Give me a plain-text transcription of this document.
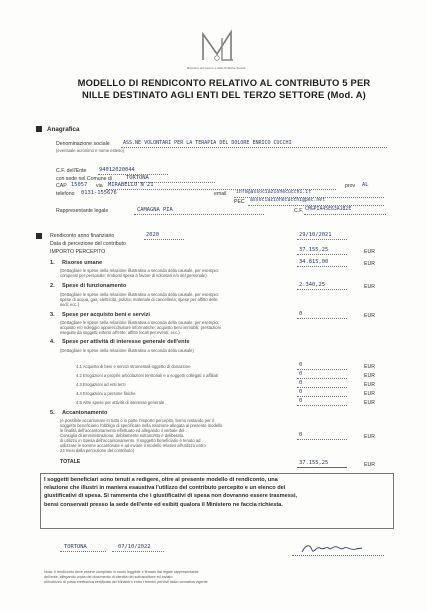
Ministero del Lavoro e delle Politiche Sociali
MODELLO DI RENDICONTO RELATIVO AL CONTRIBUTO 5 PER
NILLE DESTINATO AGLI ENTI DEL TERZO SETTORE (Mod. A)
Anagrafica
Denominazione sociale	ASS.NE VOLONTARI PER LA TERAPIA DEL DOLORE ENRICO CUCCHI
(eventuale acronimo e nome esteso)
C.F. dell'Ente 94012020044
con sede nel Comune di	TORTONA
CAP 15057 via MIRABELLO N 21	prov AL
telefono 0131-155676	email info@associazionecucchi.it
PEC associazionecucchi@pec.net
Rappresentante legale	CAMAGNA PIA	C.F. CMGPIA45E63A182E
Rendiconto anno finanziario	2020
Data di percezione del contributo
29/10/2021
IMPORTO PERCEPITO	37.155,25	EUR
1. Risorse umane	34.815,00	EUR
(Dettagliare le spese nella relazione illustrativa a seconda della causale, per esempio:
compensi per personale; rimborsi spesa a favore di volontari e/o del personale).
2. Spese di funzionamento	2.340,25	EUR
(Dettagliare le spese nella relazione illustrativa a seconda della causale, per esempio:
spese di acqua, gas, elettricità, pulizia; materiale di cancelleria; spese per affitto delle
sedi; ecc.)
3. Spese per acquisto beni e servizi	0	EUR
(Dettagliare le spese nella relazione illustrativa a seconda della causale, per esempio:
acquisto e/o noleggio apparecchiature informatiche; acquisto beni immobili; prestazioni
eseguite da soggetti esterni all'ente; affitto locali per eventi; ecc.)
4. Spese per attività di interesse generale dell'ente
(Dettagliare le spese nella relazione illustrativa a seconda della causale)
4.1 Acquisto di beni e servizi strumentali oggetto di donazione	0	EUR
4.2 Erogazioni a proprie articolazioni territoriali e a soggetti collegati o affiliati	0	EUR
4.3 Erogazioni ad enti terzi	0	EUR
4.4 Erogazioni a persone fisiche	0	EUR
4.5 Altre spese per attività di interesse generale	0	EUR
5. Accantonamento
(è possibile accantonare in tutto o in parte l'importo percepito, fermo restando per il
soggetto beneficiario l'obbligo di specificare nella relazione allegata al presente modello
le finalità dell'accantonamento effettuato ed allegando il verbale del
Consiglio di amministrazione, debitamente sottoscritto e deliberato.
di utilizzo in Spesa dell'accantonamento. Il soggetto beneficiario è tenuto ad
utilizzare le somme accantonate e ad inviare il modello relativo all'utilizzo entro
24 mesi dalla percezione del contributo)
0	EUR
TOTALE	37.155,25	EUR
I soggetti beneficiari sono tenuti a redigere, oltre al presente modello di rendiconto, una
relazione che illustri in maniera esaustiva l'utilizzo del contributo percepito e un elenco dei
giustificativi di spesa. Si rammenta che i giustificativi di spesa non dovranno essere trasmessi,
bensì conservati presso la sede dell'ente ed esibiti qualora il Ministero ne faccia richiesta.
TORTONA	07/10/2022
Nota: Il rendiconto deve essere compilato in modo leggibile e firmato dal legale rappresentante
dell'ente, allegando copia del documento di identità del sottoscrittore ed inviato
all'indirizzo di posta elettronica certificata del Ministero entro i termini previsti dalla normativa vigente
